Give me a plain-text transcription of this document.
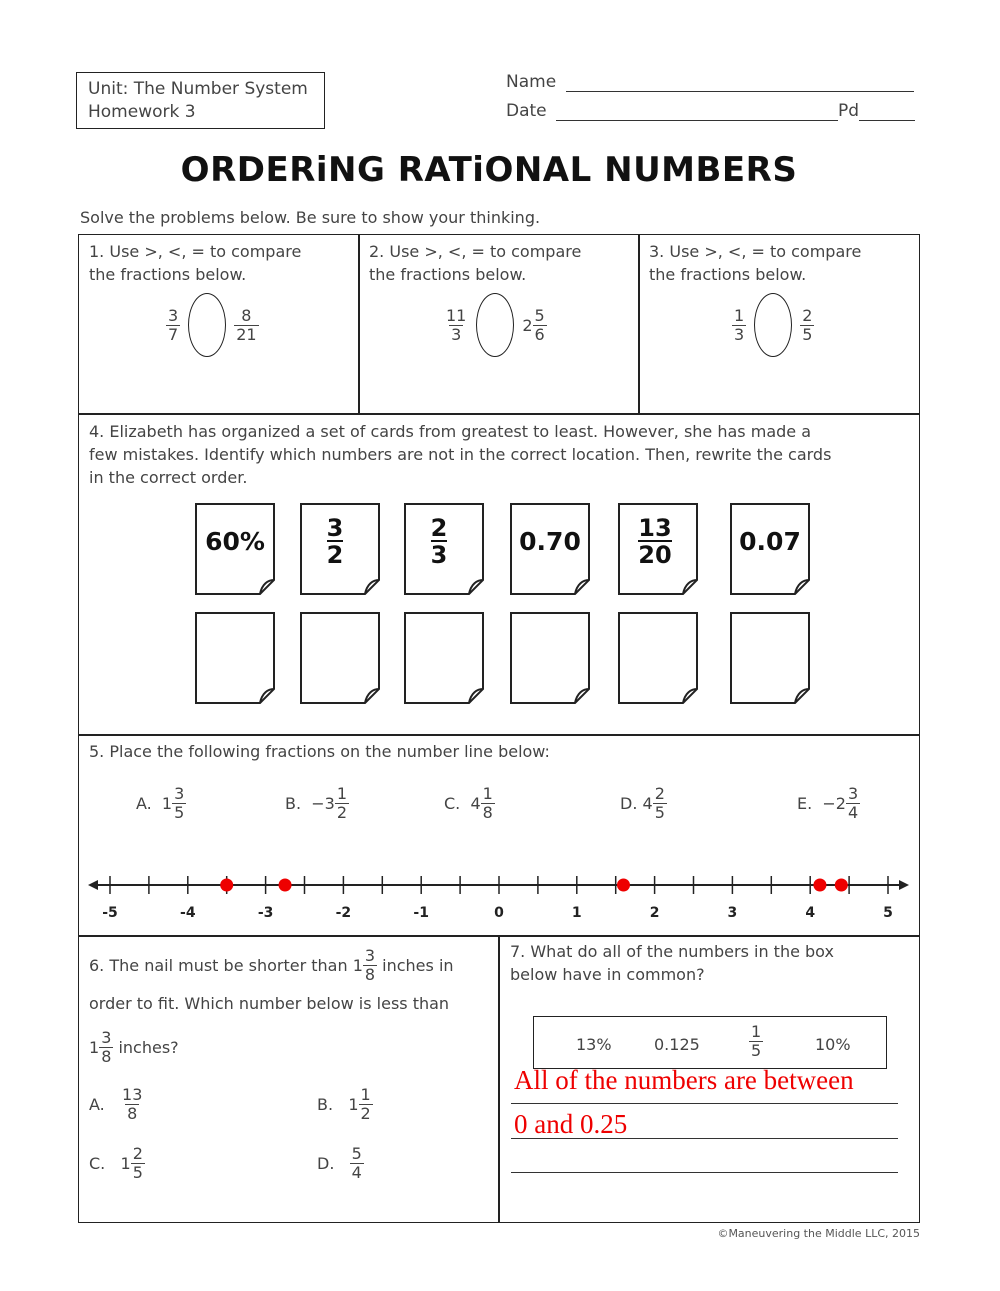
Unit: The Number System
Homework 3
Name
Date	Pd
ORDERiNG RATiONAL NUMBERS
Solve the problems below. Be sure to show your thinking.
1. Use >, <, = to compare
the fractions below.
$\frac{3}{7}$	$\frac{8}{21}$
2. Use >, <, = to compare
the fractions below.
$\frac{11}{3}$	$2 \frac{5}{6}$
3. Use >, <, = to compare
the fractions below.
$\frac{1}{3}$	$\frac{2}{5}$
4. Elizabeth has organized a set of cards from greatest to least. However, she has made a
few mistakes. Identify which numbers are not in the correct location. Then, rewrite the cards
in the correct order.
60%	3
2
2
3	0.70	13
20	0.07
5. Place the following fractions on the number line below:
A.
$1 \frac{3}{5}$	B.
$-3 \frac{1}{2}$	C.
$4 \frac{1}{8}$	D.
$4 \frac{2}{5}$	E.
$-2 \frac{3}{4}$
-5	-4	-3	-2	-1	0	1	2	3	4	5
6. The nail must be shorter than $1 \frac{3}{8}$
inches in
order to fit. Which number below is less than
$1 \frac{3}{8}$
inches?
A.
$\frac{13}{8}$	B.
$1 \frac{1}{2}$
C.
$1 \frac{2}{5}$	D.
$\frac{5}{4}$
7. What do all of the numbers in the box
below have in common?
13%	0.125	$\frac{1}{5}$	10%
All of the numbers are between
0 and 0.25
©Maneuvering the Middle LLC, 2015
